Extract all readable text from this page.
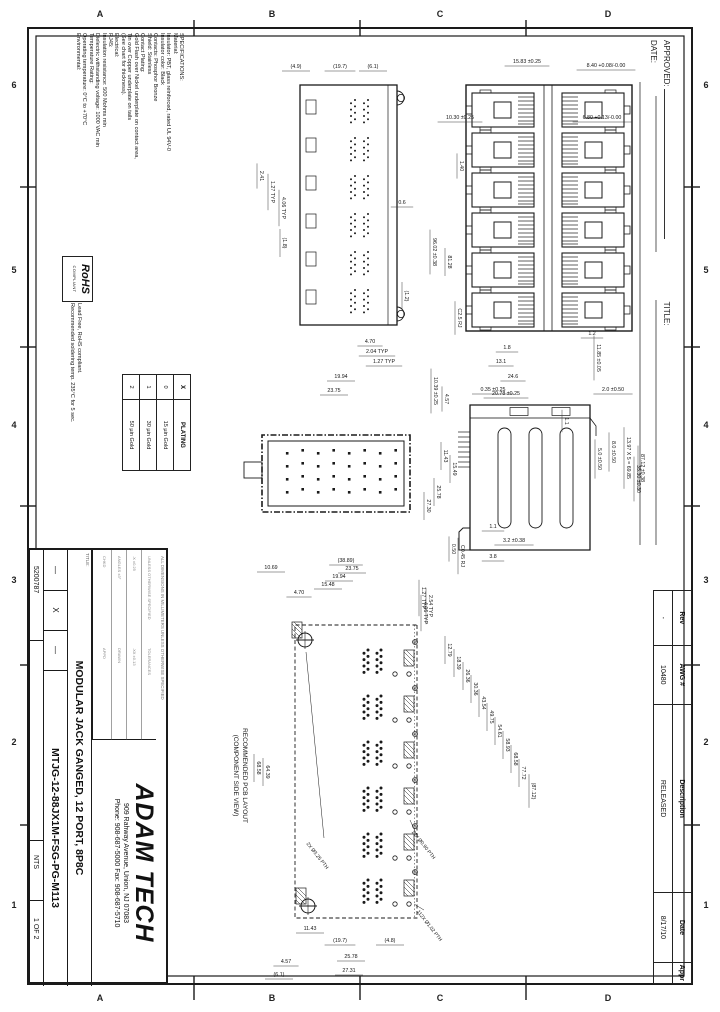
A
A
B
B
C
C
D
D
6
6
5
5
4
4
3
3
2
2
1
1
APPROVED:    TITLE:
DATE:
Rev	AWG #	Description	Date	Appr
-	10480	RELEASED	8/17/10	
SPECIFICATIONS:
Material:
Insulator: PBT, glass reinforced, rated UL 94V-0
Insulator color: Black
Contacts: Phosphor Bronze
Shield: Stainless
Contact Plating:
Gold Flash over Nickel underplate on contact area,
Tin over Copper underplate on tails
(See chart for thickness).
Electrical:
RJ45:
Insulation resistance: 500 Mohms min
Dielectric withstanding voltage: 1000 VAC min
Temperature Rating:
Operating temperature: 0°C to +70°C
Environmental:
Lead Free, RoHS compliant.
Recommended soldering temp. 235°C for 5 sec.
RoHS
COMPLIANT
X	PLATING
0	15 µin Gold
1	30 µin Gold
2	50 µin Gold
RECOMMENDED PCB LAYOUT
(COMPONENT SIDE VIEW)
ALL DIMENSIONS IN MILLIMETERS UNLESS OTHERWISE SPECIFIED
UNLESS OTHERWISE SPECIFIED
TOLERANCES
.X ±0.25
.XX ±0.13
ANGLES ±3°
DRAWN
CHKD
APPD
ADAM TECH
909 Rahway Avenue, Union, NJ 07083
Phone: 908-687-5000 Fax: 908-687-5710
TITLE:
MODULAR JACK GANGED, 12 PORT, 8P8C
—
X
—
MTJG-12-88JX1M-FSG-PG-M113
5200787
NTS
1 OF 2
(4.9)	(19.7)	(6.1)
2.41
1.27 TYP
4.06 TYP
(1.8)
0.6
(1.2)
4.70
2.04 TYP
1.27 TYP
19.94
23.75
15.83 ±0.25
10.30 ±0.25
8.40 +0.08/-0.00
6.80 +0.13/-0.00
1.40
11.85 ±0.05
1.2
C2.5 RJ
96.02 ±0.38 81.28
87.12 ±0.38
13.97 X 5 = 69.85
1.8
13.1
24.6
20.78 ±0.25
0.35 ±0.25	2.0 ±0.50
8.0 ±0.50
5.0 ±0.50
1.1
35.30 ±0.30
10.39 ±0.25 4.57
11.43
15.49
25.78
27.30
0.50 C0.45 RJ
1.1
3.2 ±0.38
3.8
10.69
(38.89)
23.75
19.94
15.48
4.70	1.27 TYP 2.54 TYP
4.06 TYP
12.79
18.39
26.36
30.36
43.54
49.75
54.61
58.93
68.58
77.72
(87.12)
68.58 64.39
11.43
(19.7)	(4.8)
25.78
27.31
4.57
(6.1)
2X Ø3.25 PTH	14X Ø0.90 PTH
112X Ø1.02 PTH
